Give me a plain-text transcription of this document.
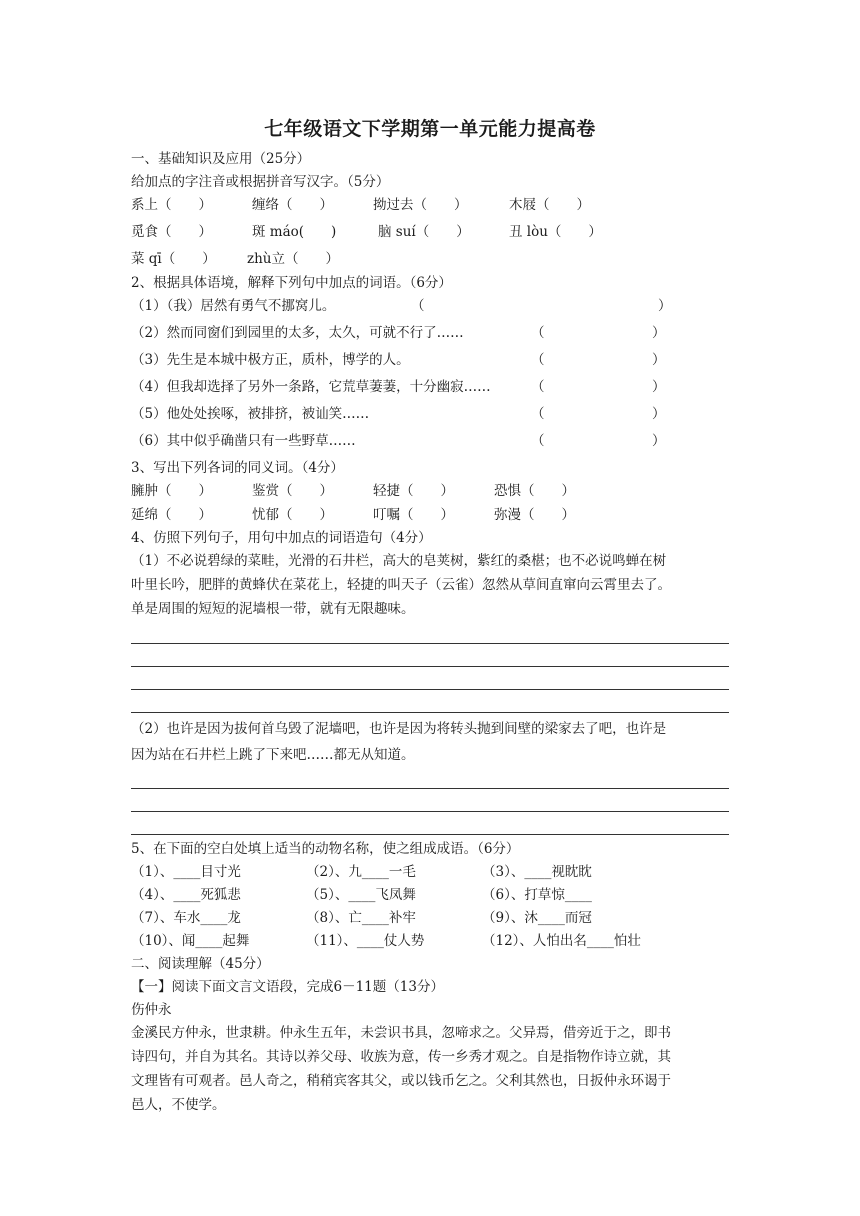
七年级语文下学期第一单元能力提高卷
一、基础知识及应用（25分）
给加点的字注音或根据拼音写汉字。（5分）
系上（　　）	缠络（　　）	拗过去（　　）	木屐（　　）
觅食（　　）	斑 máo(　　)	脑 suí（　　）	丑 lòu（　　）
菜 qī（　　） zhù立（　　）
2、根据具体语境，解释下列句中加点的词语。（6分）
（1）（我）居然有勇气不挪窝儿。	（	）
（2）然而同窗们到园里的太多，太久，可就不行了……	（	）
（3）先生是本城中极方正，质朴，博学的人。	（	）
（4）但我却选择了另外一条路，它荒草萋萋，十分幽寂……	（	）
（5）他处处挨啄，被排挤，被讪笑……	（	）
（6）其中似乎确凿只有一些野草……	（	）
3、写出下列各词的同义词。（4分）
臃肿（　　）	鉴赏（　　）	轻捷（　　）	恐惧（　　）
延绵（　　）	忧郁（　　）	叮嘱（　　）	弥漫（　　）
4、仿照下列句子，用句中加点的词语造句（4分）
（1）不必说碧绿的菜畦，光滑的石井栏，高大的皂荚树，紫红的桑椹；也不必说鸣蝉在树
叶里长吟，肥胖的黄蜂伏在菜花上，轻捷的叫天子（云雀）忽然从草间直窜向云霄里去了。
单是周围的短短的泥墙根一带，就有无限趣味。
（2）也许是因为拔何首乌毁了泥墙吧，也许是因为将转头抛到间壁的梁家去了吧，也许是
因为站在石井栏上跳了下来吧……都无从知道。
5、在下面的空白处填上适当的动物名称，使之组成成语。（6分）
（1）、____目寸光	（2）、九____一毛	（3）、____视眈眈
（4）、____死狐悲	（5）、____飞凤舞	（6）、打草惊____
（7）、车水____龙	（8）、亡____补牢	（9）、沐____而冠
（10）、闻____起舞	（11）、____仗人势	（12）、人怕出名____怕壮
二、阅读理解（45分）
【一】阅读下面文言文语段，完成6－11题（13分）
伤仲永
金溪民方仲永，世隶耕。仲永生五年，未尝识书具，忽啼求之。父异焉，借旁近于之，即书
诗四句，并自为其名。其诗以养父母、收族为意，传一乡秀才观之。自是指物作诗立就，其
文理皆有可观者。邑人奇之，稍稍宾客其父，或以钱币乞之。父利其然也，日扳仲永环谒于
邑人，不使学。
